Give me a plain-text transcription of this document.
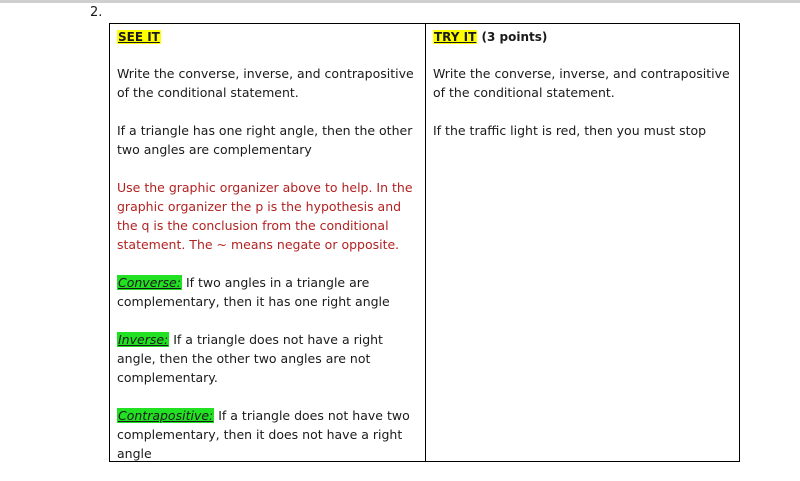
2.
SEE IT

Write the converse, inverse, and contrapositive of the conditional statement.

If a triangle has one right angle, then the other two angles are complementary

Use the graphic organizer above to help. In the graphic organizer the p is the hypothesis and the q is the conclusion from the conditional statement. The ~ means negate or opposite.

Converse: If two angles in a triangle are complementary, then it has one right angle

Inverse: If a triangle does not have a right angle, then the other two angles are not complementary.

Contrapositive: If a triangle does not have two complementary, then it does not have a right angle

TRY IT (3 points)

Write the converse, inverse, and contrapositive of the conditional statement.

If the traffic light is red, then you must stop
